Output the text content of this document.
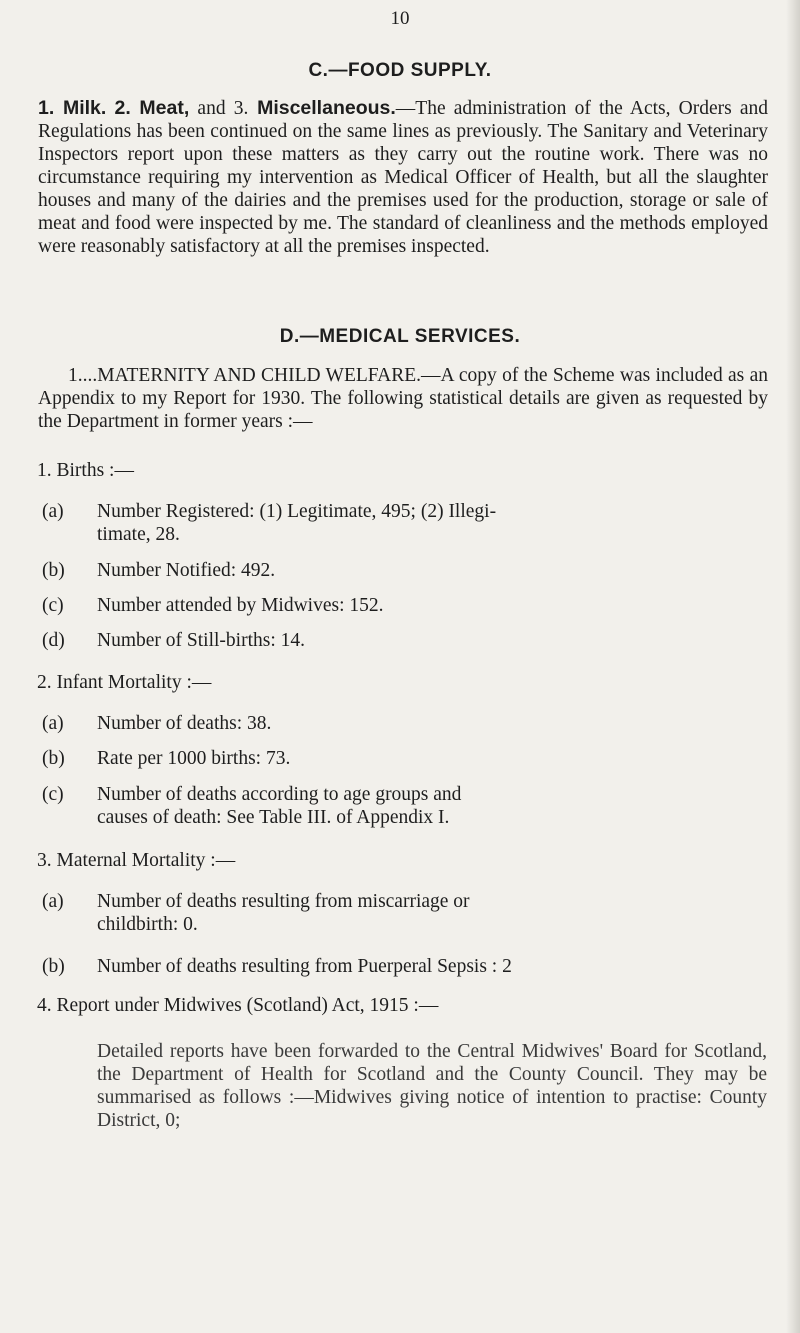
10
C.—FOOD SUPPLY.
1. Milk. 2. Meat, and 3. Miscellaneous.—The administration of the Acts, Orders and Regulations has been continued on the same lines as previously. The Sanitary and Veterinary Inspectors report upon these matters as they carry out the routine work. There was no circumstance requiring my intervention as Medical Officer of Health, but all the slaughter houses and many of the dairies and the premises used for the production, storage or sale of meat and food were inspected by me. The standard of cleanliness and the methods employed were reasonably satisfactory at all the premises inspected.
D.—MEDICAL SERVICES.
1....MATERNITY AND CHILD WELFARE.—A copy of the Scheme was included as an Appendix to my Report for 1930. The following statistical details are given as requested by the Department in former years :—
1. Births :—
(a) Number Registered: (1) Legitimate, 495; (2) Illegi-
timate, 28.
(b) Number Notified: 492.
(c) Number attended by Midwives: 152.
(d) Number of Still-births: 14.
2. Infant Mortality :—
(a) Number of deaths: 38.
(b) Rate per 1000 births: 73.
(c) Number of deaths according to age groups and
causes of death: See Table III. of Appendix I.
3. Maternal Mortality :—
(a) Number of deaths resulting from miscarriage or
childbirth: 0.
(b) Number of deaths resulting from Puerperal Sepsis : 2
4. Report under Midwives (Scotland) Act, 1915 :—
Detailed reports have been forwarded to the Central Midwives' Board for Scotland, the Department of Health for Scotland and the County Council. They may be summarised as follows :—Midwives giving notice of intention to practise: County District, 0;
